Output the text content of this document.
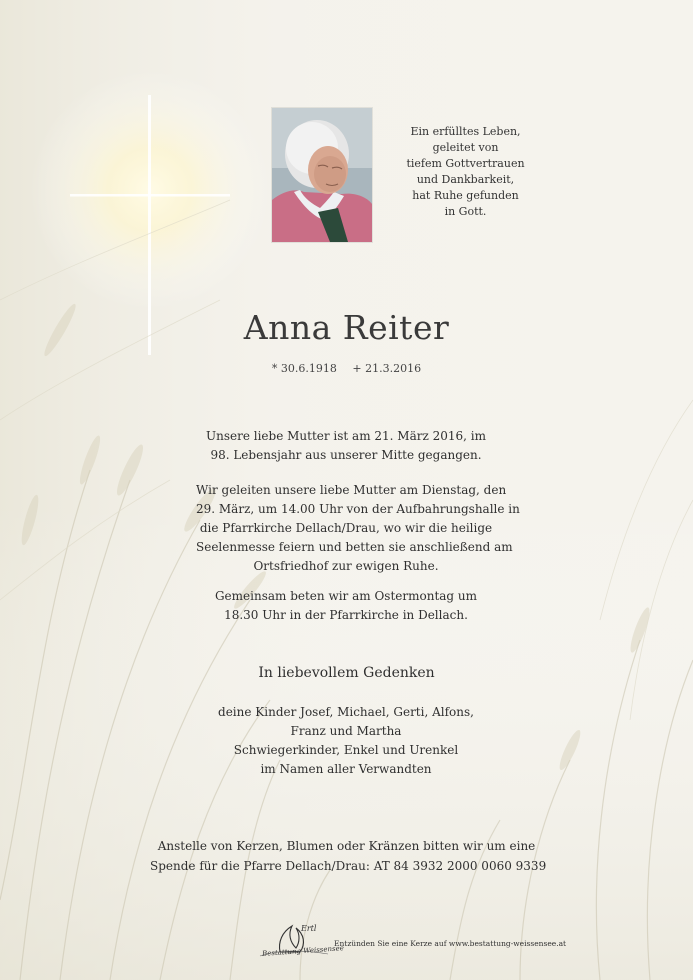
Ein erfülltes Leben,
geleitet von
tiefem Gottvertrauen
und Dankbarkeit,
hat Ruhe gefunden
in Gott.
Anna Reiter
* 30.6.1918 + 21.3.2016
Unsere liebe Mutter ist am 21. März 2016, im
98. Lebensjahr aus unserer Mitte gegangen.
Wir geleiten unsere liebe Mutter am Dienstag, den
29. März, um 14.00 Uhr von der Aufbahrungshalle in
die Pfarrkirche Dellach/Drau, wo wir die heilige
Seelenmesse feiern und betten sie anschließend am
Ortsfriedhof zur ewigen Ruhe.
Gemeinsam beten wir am Ostermontag um
18.30 Uhr in der Pfarrkirche in Dellach.
In liebevollem Gedenken
deine Kinder Josef, Michael, Gerti, Alfons,
Franz und Martha
Schwiegerkinder, Enkel und Urenkel
im Namen aller Verwandten
Anstelle von Kerzen, Blumen oder Kränzen bitten wir um eine
Spende für die Pfarre Dellach/Drau: AT 84 3932 2000 0060 9339
Ertl
Bestattung Weissensee
Entzünden Sie eine Kerze auf www.bestattung-weissensee.at
